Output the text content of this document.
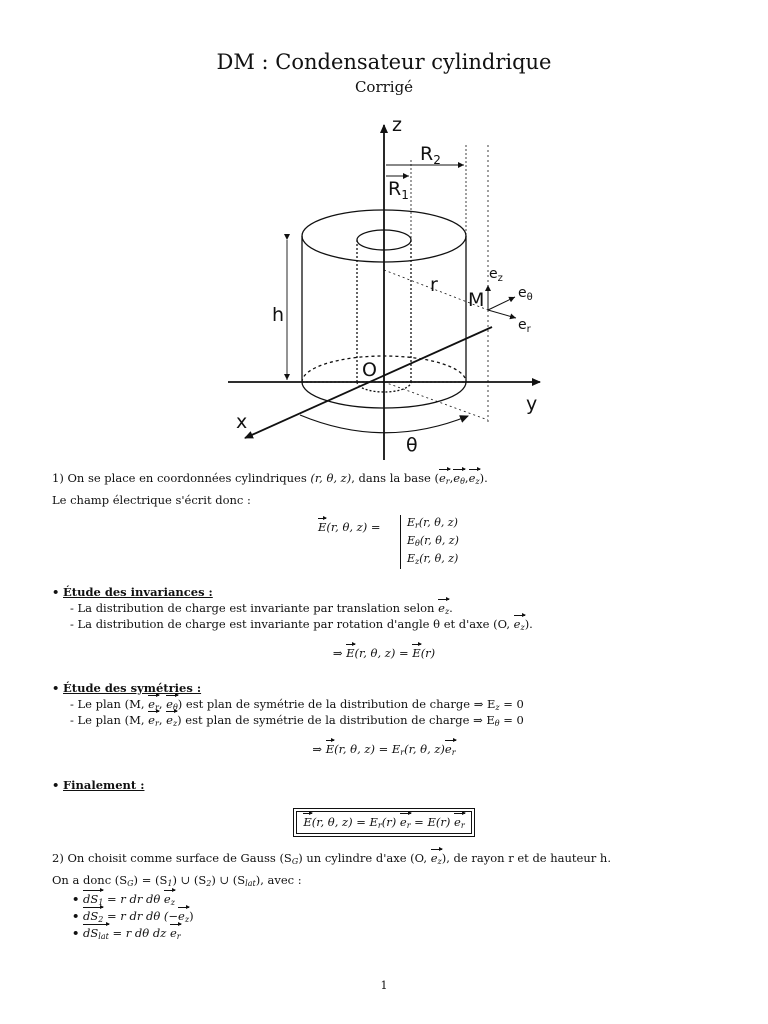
DM : Condensateur cylindrique
Corrigé
z
$R_2$
$R_1$
$e_z$
$e_\theta$
$e_r$
r
M
h
O
y
x
θ
1) On se place en coordonnées cylindriques (r, θ, z), dans la base $(e_r,e_\theta,e_z)$.
Le champ électrique s'écrit donc :
E(r, θ, $z) = E_r(r$, θ, z)
$E_\theta(r$, θ, z)
$E_z(r$, θ, z)
• Étude des invariances :
- La distribution de charge est invariante par translation selon $e_z$.
- La distribution de charge est invariante par rotation d'angle θ et d'axe (O, $e_z$).
⇒ E(r, θ, z) = E(r)
• Étude des symétries :
- Le plan (M, $e_r$, $e_\theta$) est plan de symétrie de la distribution de charge ⇒ $E_z = 0$
- Le plan (M, $e_r$, $e_z$) est plan de symétrie de la distribution de charge ⇒ $E_\theta = 0$
⇒ E(r, θ, $z) = E_r(r$, θ, $z)e_r$
• Finalement :
E(r, θ, $z) = E_r(r) e_r = E(r)$ $e_r$
2) On choisit comme surface de Gauss $(S_G)$ un cylindre d'axe (O, $e_z$), de rayon r et de hauteur h.
On a donc $(S_G) = (S_1)$ ∪ $(S_2)$ ∪ $(S_{lat})$, avec :
• $dS_1 = r$ dr dθ $e_z$
• $dS_2 = r$ dr dθ $(-e_z)$
• $dS_{lat} = r$ dθ dz $e_r$
1
